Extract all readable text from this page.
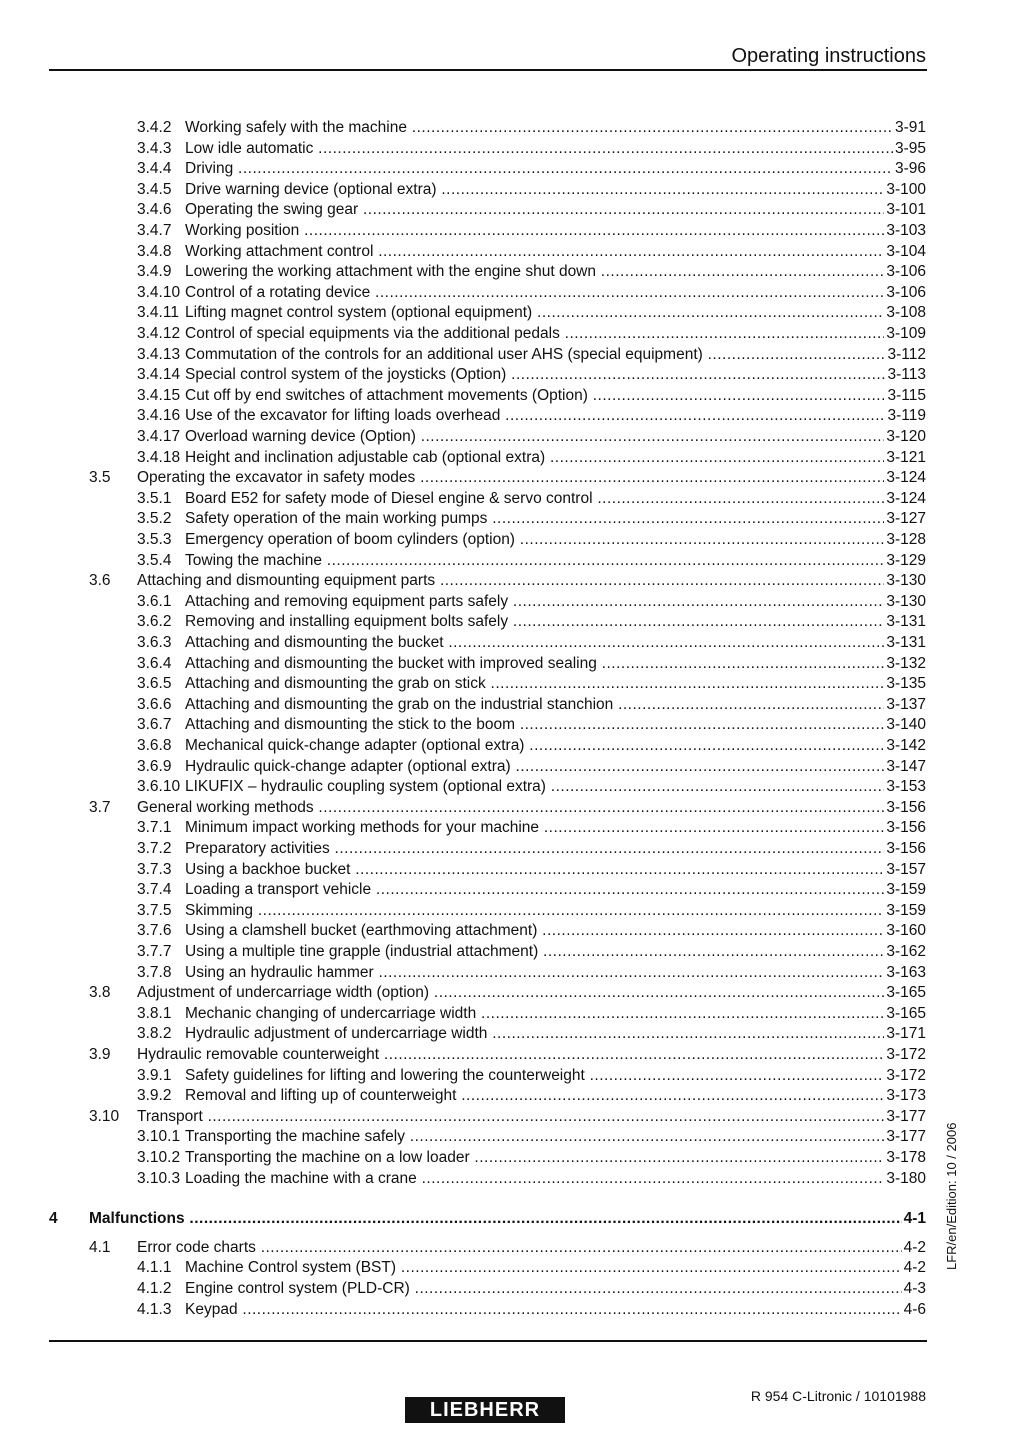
Operating instructions
3.4.2 Working safely with the machine .....	3-91
3.4.3 Low idle automatic .....	3-95
3.4.4 Driving .....	3-96
3.4.5 Drive warning device (optional extra) .....	3-100
3.4.6 Operating the swing gear .....	3-101
3.4.7 Working position .....	3-103
3.4.8 Working attachment control .....	3-104
3.4.9 Lowering the working attachment with the engine shut down .....	3-106
3.4.10 Control of a rotating device .....	3-106
3.4.11 Lifting magnet control system (optional equipment) .....	3-108
3.4.12 Control of special equipments via the additional pedals .....	3-109
3.4.13 Commutation of the controls for an additional user AHS (special equipment) .....	3-112
3.4.14 Special control system of the joysticks (Option) .....	3-113
3.4.15 Cut off by end switches of attachment movements (Option) .....	3-115
3.4.16 Use of the excavator for lifting loads overhead .....	3-119
3.4.17 Overload warning device (Option) .....	3-120
3.4.18 Height and inclination adjustable cab (optional extra) .....	3-121
3.5 Operating the excavator in safety modes .....	3-124
3.5.1 Board E52 for safety mode of Diesel engine & servo control .....	3-124
3.5.2 Safety operation of the main working pumps .....	3-127
3.5.3 Emergency operation of boom cylinders (option) .....	3-128
3.5.4 Towing the machine .....	3-129
3.6 Attaching and dismounting equipment parts .....	3-130
3.6.1 Attaching and removing equipment parts safely .....	3-130
3.6.2 Removing and installing equipment bolts safely .....	3-131
3.6.3 Attaching and dismounting the bucket .....	3-131
3.6.4 Attaching and dismounting the bucket with improved sealing .....	3-132
3.6.5 Attaching and dismounting the grab on stick .....	3-135
3.6.6 Attaching and dismounting the grab on the industrial stanchion .....	3-137
3.6.7 Attaching and dismounting the stick to the boom .....	3-140
3.6.8 Mechanical quick-change adapter (optional extra) .....	3-142
3.6.9 Hydraulic quick-change adapter (optional extra) .....	3-147
3.6.10 LIKUFIX – hydraulic coupling system (optional extra) .....	3-153
3.7 General working methods .....	3-156
3.7.1 Minimum impact working methods for your machine .....	3-156
3.7.2 Preparatory activities .....	3-156
3.7.3 Using a backhoe bucket .....	3-157
3.7.4 Loading a transport vehicle .....	3-159
3.7.5 Skimming .....	3-159
3.7.6 Using a clamshell bucket (earthmoving attachment) .....	3-160
3.7.7 Using a multiple tine grapple (industrial attachment) .....	3-162
3.7.8 Using an hydraulic hammer .....	3-163
3.8 Adjustment of undercarriage width (option) .....	3-165
3.8.1 Mechanic changing of undercarriage width .....	3-165
3.8.2 Hydraulic adjustment of undercarriage width .....	3-171
3.9 Hydraulic removable counterweight .....	3-172
3.9.1 Safety guidelines for lifting and lowering the counterweight .....	3-172
3.9.2 Removal and lifting up of counterweight .....	3-173
3.10 Transport .....	3-177
3.10.1 Transporting the machine safely .....	3-177
3.10.2 Transporting the machine on a low loader .....	3-178
3.10.3 Loading the machine with a crane .....	3-180
4 Malfunctions .....	4-1
4.1 Error code charts .....	4-2
4.1.1 Machine Control system (BST) .....	4-2
4.1.2 Engine control system (PLD-CR) .....	4-3
4.1.3 Keypad .....	4-6
LFR/en/Edition: 10 / 2006
R 954 C-Litronic / 10101988
LIEBHERR
